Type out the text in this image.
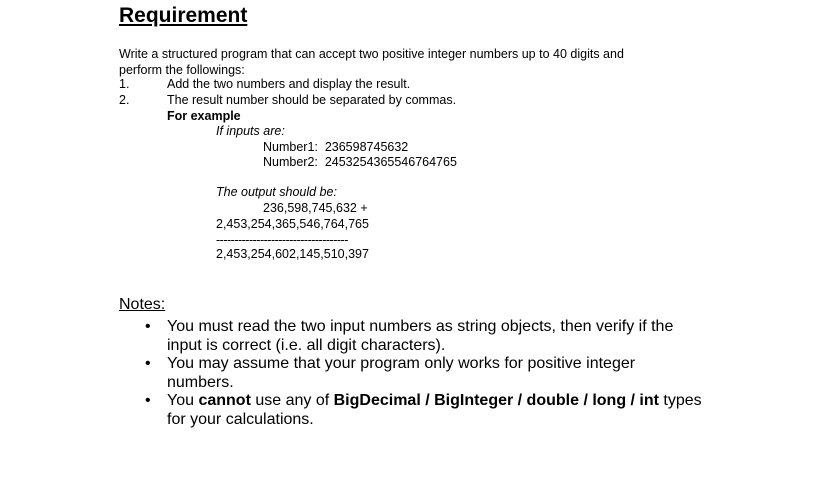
Requirement
Write a structured program that can accept two positive integer numbers up to 40 digits and
perform the followings:
1.	Add the two numbers and display the result.
2.	The result number should be separated by commas.
For example
If inputs are:
Number1:  236598745632
Number2:  2453254365546764765
The output should be:
236,598,745,632 +
2,453,254,365,546,764,765
------------------------------------
2,453,254,602,145,510,397
Notes:
• You must read the two input numbers as string objects, then verify if the input is correct (i.e. all digit characters).
• You may assume that your program only works for positive integer numbers.
• You cannot use any of BigDecimal / BigInteger / double / long / int types for your calculations.
